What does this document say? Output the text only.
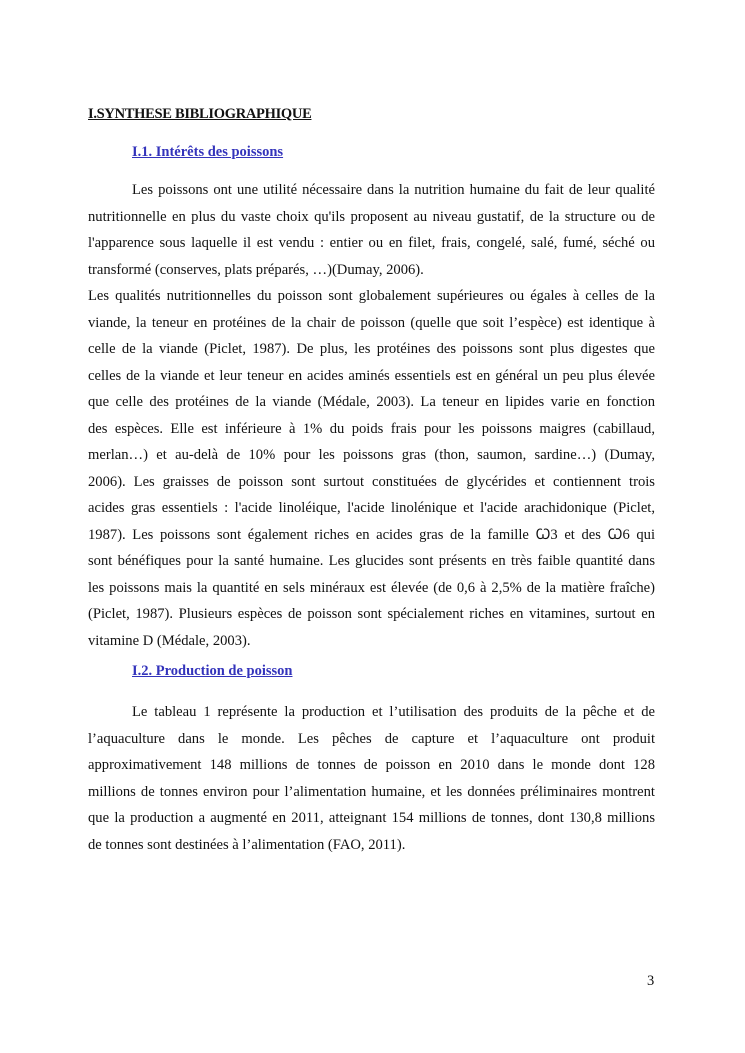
I.SYNTHESE BIBLIOGRAPHIQUE
I.1. Intérêts des poissons
Les poissons ont une utilité nécessaire dans la nutrition humaine du fait de leur qualité
nutritionnelle en plus du vaste choix qu'ils proposent au niveau gustatif, de la structure ou de
l'apparence sous laquelle il est vendu : entier ou en filet, frais, congelé, salé, fumé, séché ou
transformé (conserves, plats préparés, …)(Dumay, 2006).
Les qualités nutritionnelles du poisson sont globalement supérieures ou égales à celles de la
viande, la teneur en protéines de la chair de poisson (quelle que soit l’espèce) est identique à
celle de la viande (Piclet, 1987). De plus, les protéines des poissons sont plus digestes que
celles de la viande et leur teneur en acides aminés essentiels est en général un peu plus élevée
que celle des protéines de la viande (Médale, 2003). La teneur en lipides varie en fonction
des espèces. Elle est inférieure à 1% du poids frais pour les poissons maigres (cabillaud,
merlan…) et au-delà de 10% pour les poissons gras (thon, saumon, sardine…) (Dumay,
2006). Les graisses de poisson sont surtout constituées de glycérides et contiennent trois
acides gras essentiels : l'acide linoléique, l'acide linolénique et l'acide arachidonique (Piclet,
1987). Les poissons sont également riches en acides gras de la famille Ꞷ3 et des Ꞷ6 qui
sont bénéfiques pour la santé humaine. Les glucides sont présents en très faible quantité dans
les poissons mais la quantité en sels minéraux est élevée (de 0,6 à 2,5% de la matière fraîche)
(Piclet, 1987). Plusieurs espèces de poisson sont spécialement riches en vitamines, surtout en
vitamine D (Médale, 2003).
I.2. Production de poisson
Le tableau 1 représente la production et l’utilisation des produits de la pêche et de
l’aquaculture dans le monde. Les pêches de capture et l’aquaculture ont produit
approximativement 148 millions de tonnes de poisson en 2010 dans le monde dont 128
millions de tonnes environ pour l’alimentation humaine, et les données préliminaires montrent
que la production a augmenté en 2011, atteignant 154 millions de tonnes, dont 130,8 millions
de tonnes sont destinées à l’alimentation (FAO, 2011).
3
